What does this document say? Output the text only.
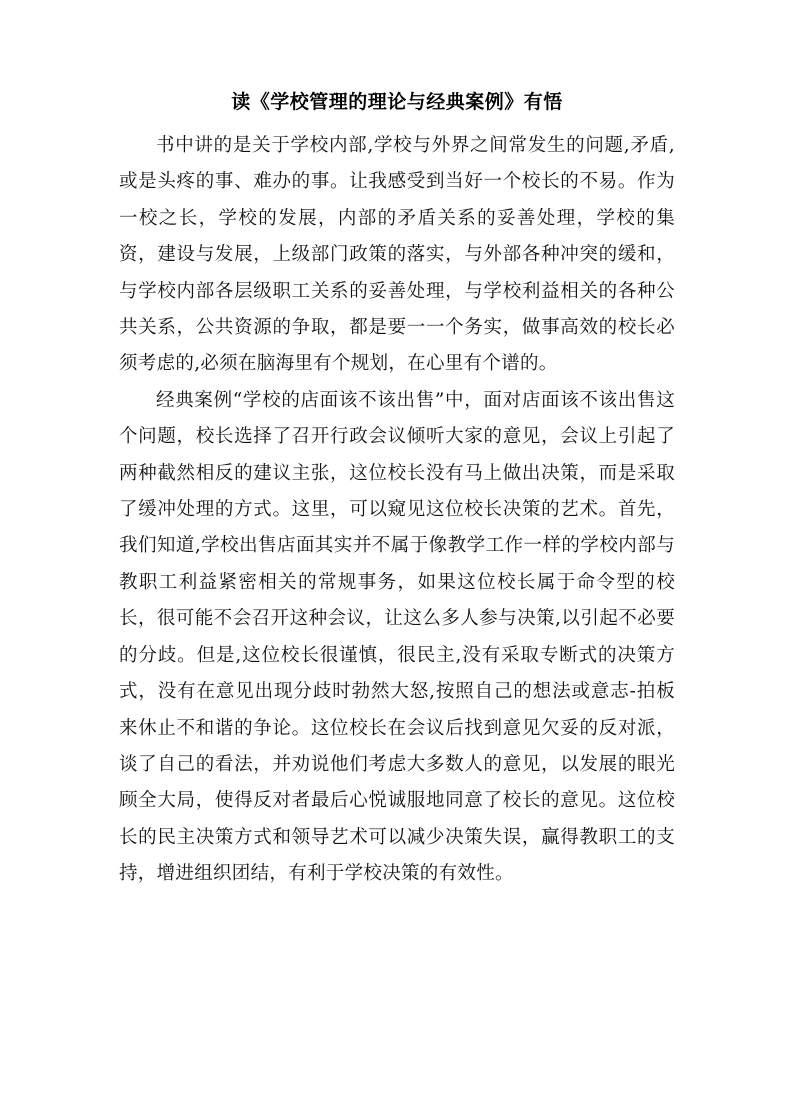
读《学校管理的理论与经典案例》有悟

书中讲的是关于学校内部,学校与外界之间常发生的问题,矛盾,或是头疼的事、难办的事。让我感受到当好一个校长的不易。作为一校之长，学校的发展，内部的矛盾关系的妥善处理，学校的集资，建设与发展，上级部门政策的落实，与外部各种冲突的缓和，与学校内部各层级职工关系的妥善处理，与学校利益相关的各种公共关系，公共资源的争取，都是要一一个务实，做事高效的校长必须考虑的,必须在脑海里有个规划，在心里有个谱的。

经典案例“学校的店面该不该出售”中，面对店面该不该出售这个问题，校长选择了召开行政会议倾听大家的意见，会议上引起了两种截然相反的建议主张，这位校长没有马上做出决策，而是采取了缓冲处理的方式。这里，可以窥见这位校长决策的艺术。首先，我们知道,学校出售店面其实并不属于像教学工作一样的学校内部与教职工利益紧密相关的常规事务，如果这位校长属于命令型的校长，很可能不会召开这种会议，让这么多人参与决策,以引起不必要的分歧。但是,这位校长很谨慎，很民主,没有采取专断式的决策方式，没有在意见出现分歧时勃然大怒,按照自己的想法或意志-拍板来休止不和谐的争论。这位校长在会议后找到意见欠妥的反对派，谈了自己的看法，并劝说他们考虑大多数人的意见，以发展的眼光顾全大局，使得反对者最后心悦诚服地同意了校长的意见。这位校长的民主决策方式和领导艺术可以减少决策失误，赢得教职工的支持，增进组织团结，有利于学校决策的有效性。
